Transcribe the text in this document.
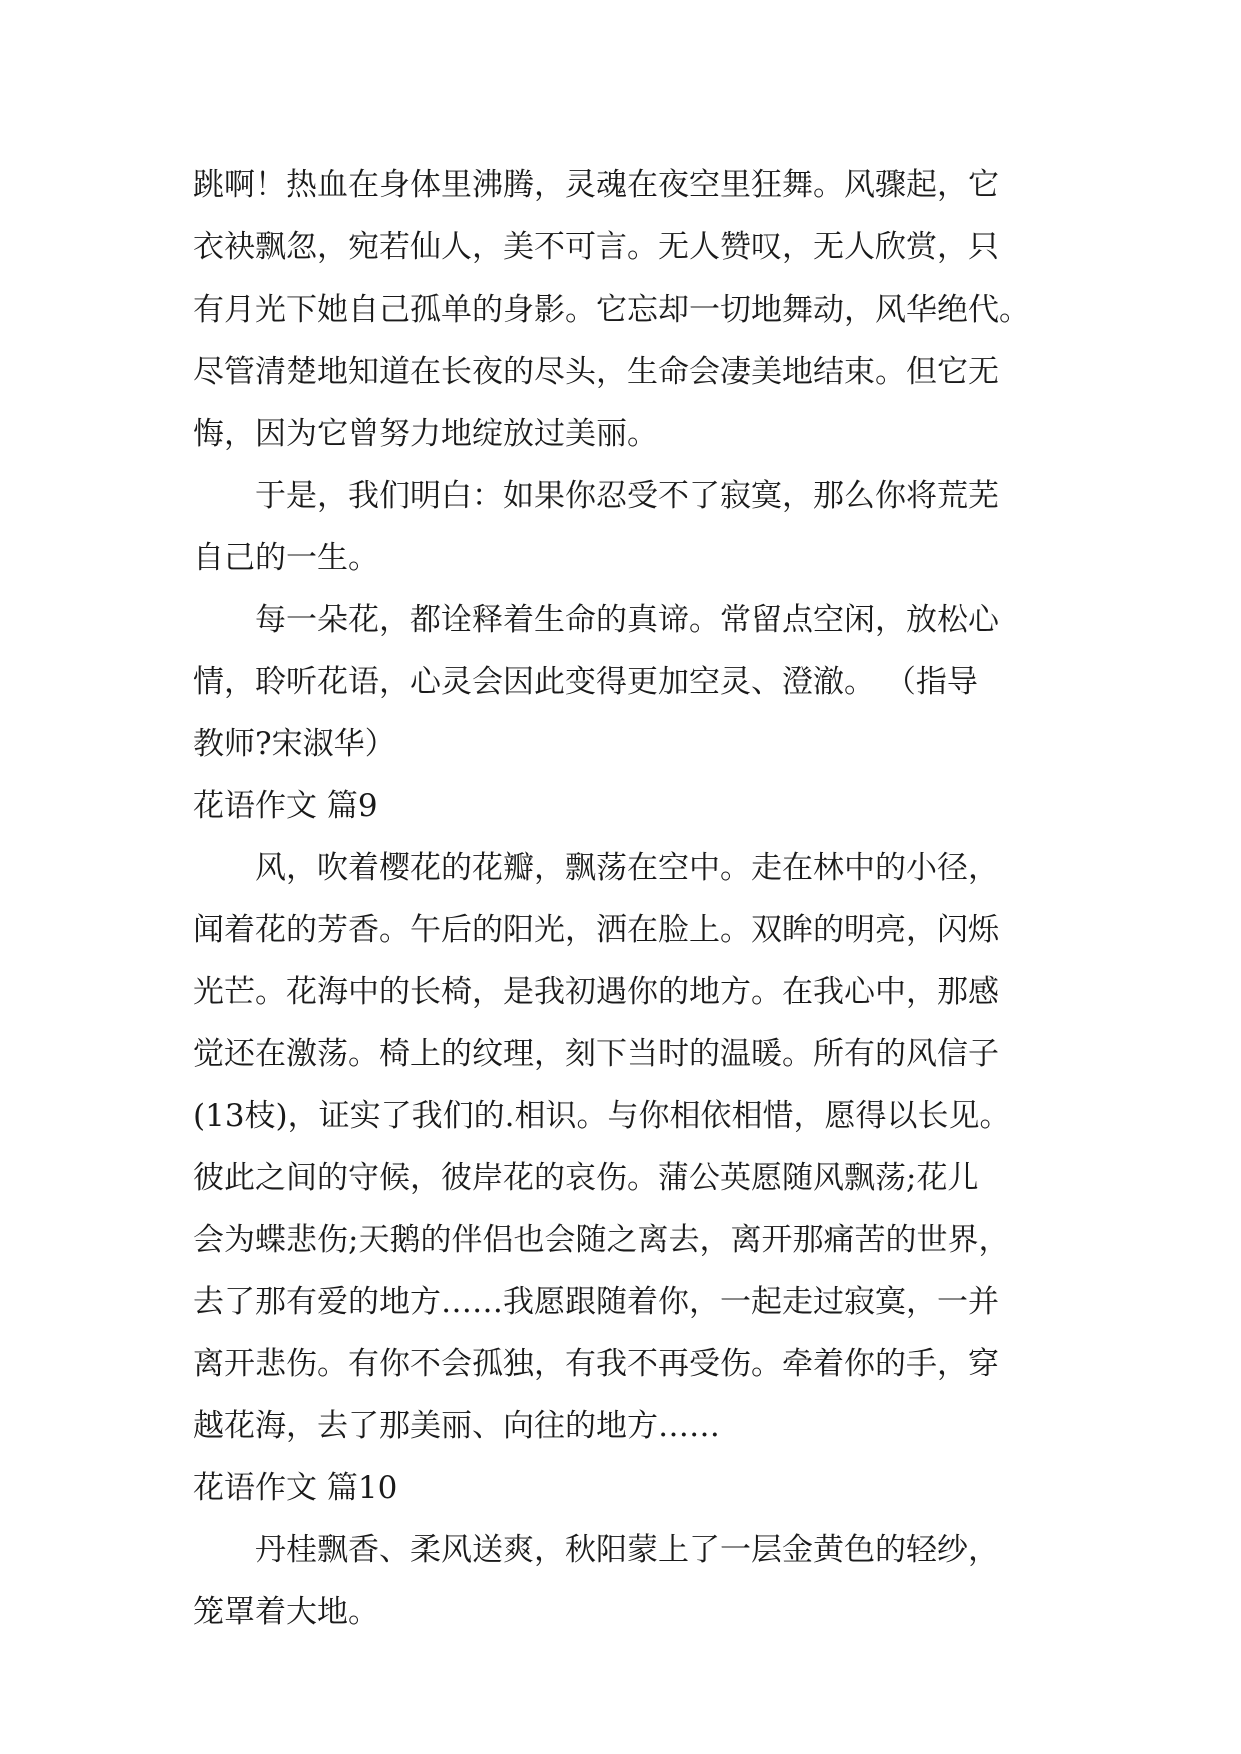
跳啊！热血在身体里沸腾，灵魂在夜空里狂舞。风骤起，它
衣袂飘忽，宛若仙人，美不可言。无人赞叹，无人欣赏，只
有月光下她自己孤单的身影。它忘却一切地舞动，风华绝代。
尽管清楚地知道在长夜的尽头，生命会凄美地结束。但它无
悔，因为它曾努力地绽放过美丽。
于是，我们明白：如果你忍受不了寂寞，那么你将荒芜
自己的一生。
每一朵花，都诠释着生命的真谛。常留点空闲，放松心
情，聆听花语，心灵会因此变得更加空灵、澄澈。 （指导
教师?宋淑华）
花语作文 篇9
风，吹着樱花的花瓣，飘荡在空中。走在林中的小径，
闻着花的芳香。午后的阳光，洒在脸上。双眸的明亮，闪烁
光芒。花海中的长椅，是我初遇你的地方。在我心中，那感
觉还在激荡。椅上的纹理，刻下当时的温暖。所有的风信子
(13枝)，证实了我们的.相识。与你相依相惜，愿得以长见。
彼此之间的守候，彼岸花的哀伤。蒲公英愿随风飘荡;花儿
会为蝶悲伤;天鹅的伴侣也会随之离去，离开那痛苦的世界，
去了那有爱的地方……我愿跟随着你，一起走过寂寞，一并
离开悲伤。有你不会孤独，有我不再受伤。牵着你的手，穿
越花海，去了那美丽、向往的地方……
花语作文 篇10
丹桂飘香、柔风送爽，秋阳蒙上了一层金黄色的轻纱，
笼罩着大地。
